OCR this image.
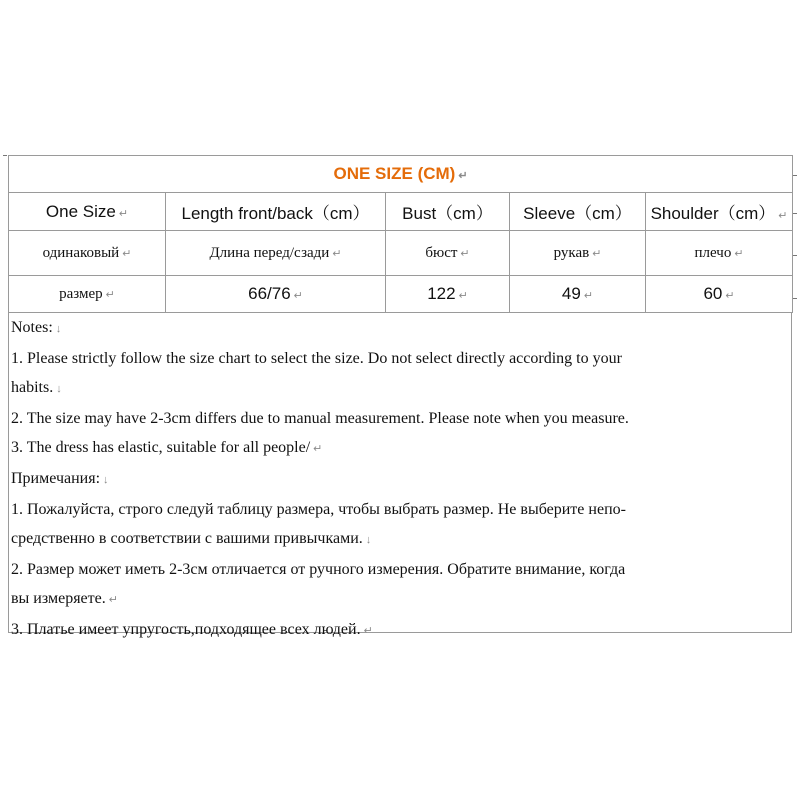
ONE SIZE (CM) ↵				
One Size ↵	Length front/back（cm）	Bust（cm）	Sleeve（cm）	Shoulder（cm） ↵
одинаковый ↵	Длина перед/сзади ↵	бюст ↵	рукав ↵	плечо ↵
размер ↵	66/76 ↵	122 ↵	49 ↵	60 ↵
Notes: ↓
1. Please strictly follow the size chart to select the size. Do not select directly according to your
habits. ↓
2. The size may have 2-3cm differs due to manual measurement. Please note when you measure.
3. The dress has elastic, suitable for all people/ ↵
Примечания: ↓
1. Пожалуйста, строго следуй таблицу размера, чтобы выбрать размер. Не выберите непо-
средственно в соответствии с вашими привычками. ↓
2. Размер может иметь 2-3см отличается от ручного измерения. Обратите внимание, когда
вы измеряете. ↵
3. Платье имеет упругость,подходящее всех людей. ↵
